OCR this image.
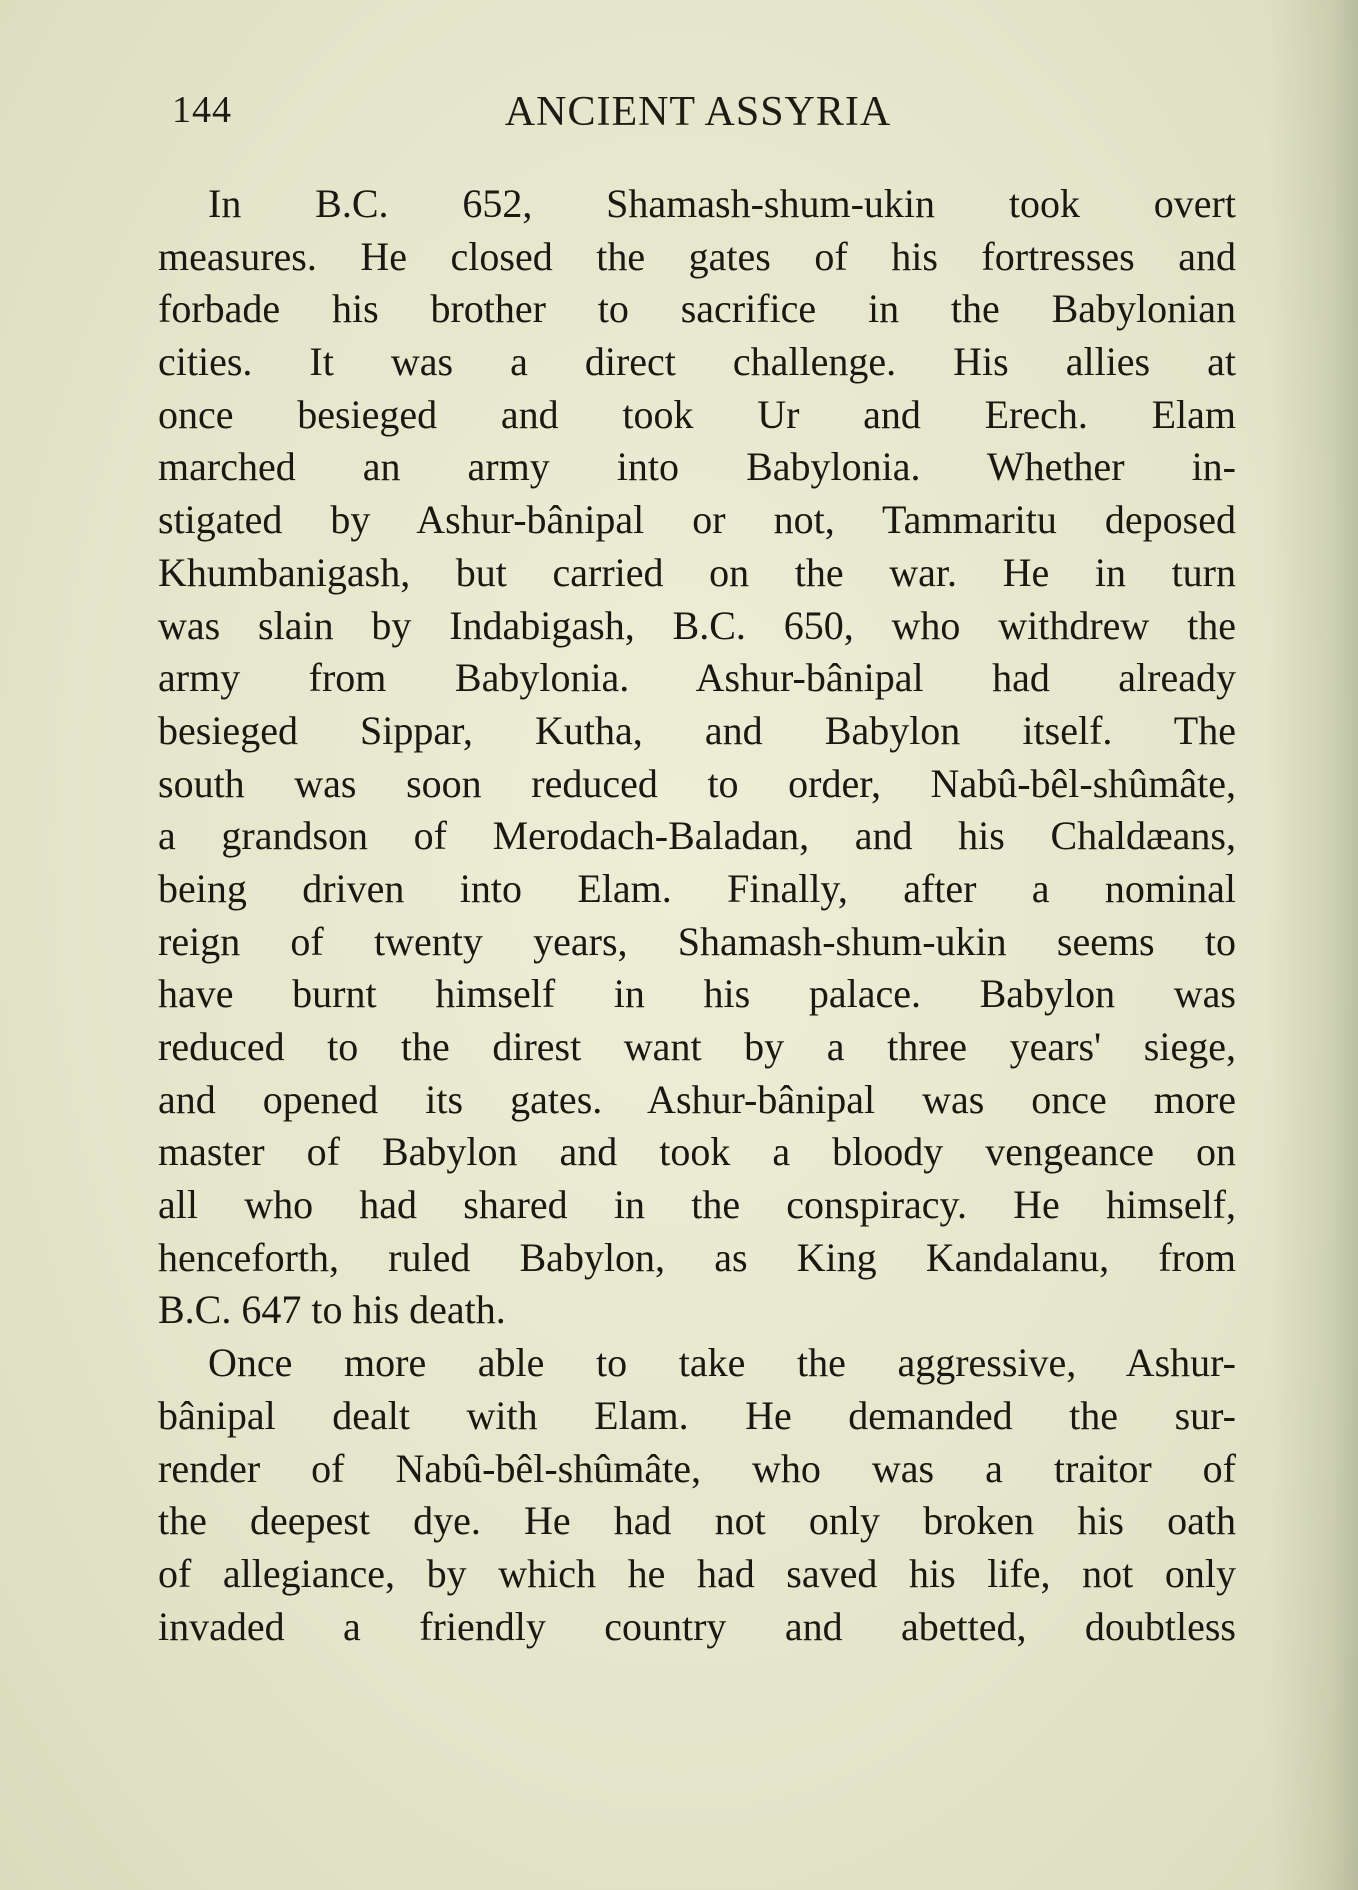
144	ANCIENT ASSYRIA

In B.C. 652, Shamash-shum-ukin took overt
measures. He closed the gates of his fortresses and
forbade his brother to sacrifice in the Babylonian
cities. It was a direct challenge. His allies at
once besieged and took Ur and Erech. Elam
marched an army into Babylonia. Whether in-
stigated by Ashur-bânipal or not, Tammaritu deposed
Khumbanigash, but carried on the war. He in turn
was slain by Indabigash, B.C. 650, who withdrew the
army from Babylonia. Ashur-bânipal had already
besieged Sippar, Kutha, and Babylon itself. The
south was soon reduced to order, Nabû-bêl-shûmâte,
a grandson of Merodach-Baladan, and his Chaldæans,
being driven into Elam. Finally, after a nominal
reign of twenty years, Shamash-shum-ukin seems to
have burnt himself in his palace. Babylon was
reduced to the direst want by a three years' siege,
and opened its gates. Ashur-bânipal was once more
master of Babylon and took a bloody vengeance on
all who had shared in the conspiracy. He himself,
henceforth, ruled Babylon, as King Kandalanu, from
B.C. 647 to his death.

Once more able to take the aggressive, Ashur-
bânipal dealt with Elam. He demanded the sur-
render of Nabû-bêl-shûmâte, who was a traitor of
the deepest dye. He had not only broken his oath
of allegiance, by which he had saved his life, not only
invaded a friendly country and abetted, doubtless
